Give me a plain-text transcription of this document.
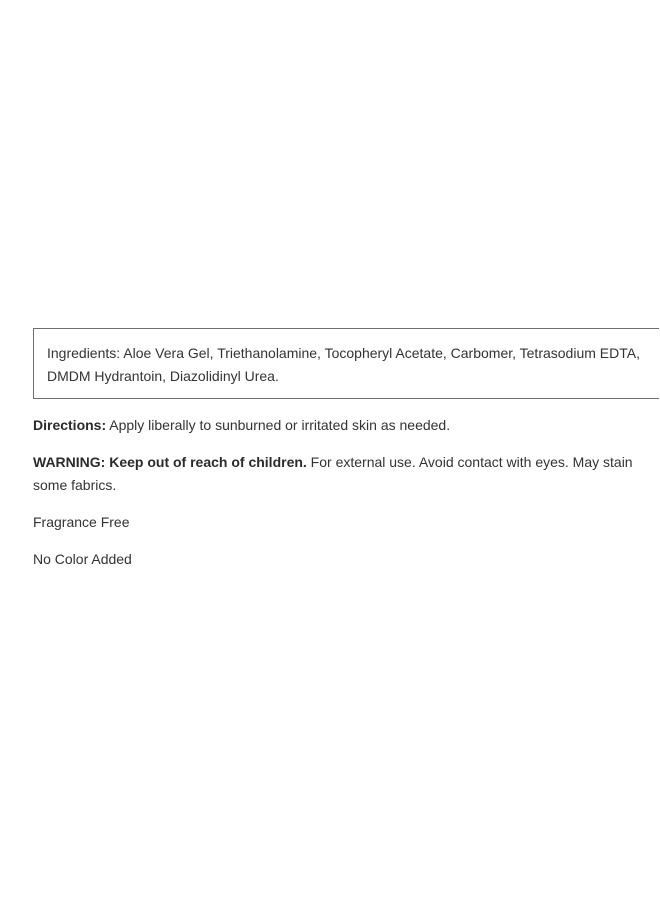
Ingredients: Aloe Vera Gel, Triethanolamine, Tocopheryl Acetate, Carbomer, Tetrasodium EDTA, DMDM Hydrantoin, Diazolidinyl Urea.
Directions: Apply liberally to sunburned or irritated skin as needed.
WARNING: Keep out of reach of children. For external use. Avoid contact with eyes. May stain some fabrics.
Fragrance Free
No Color Added
